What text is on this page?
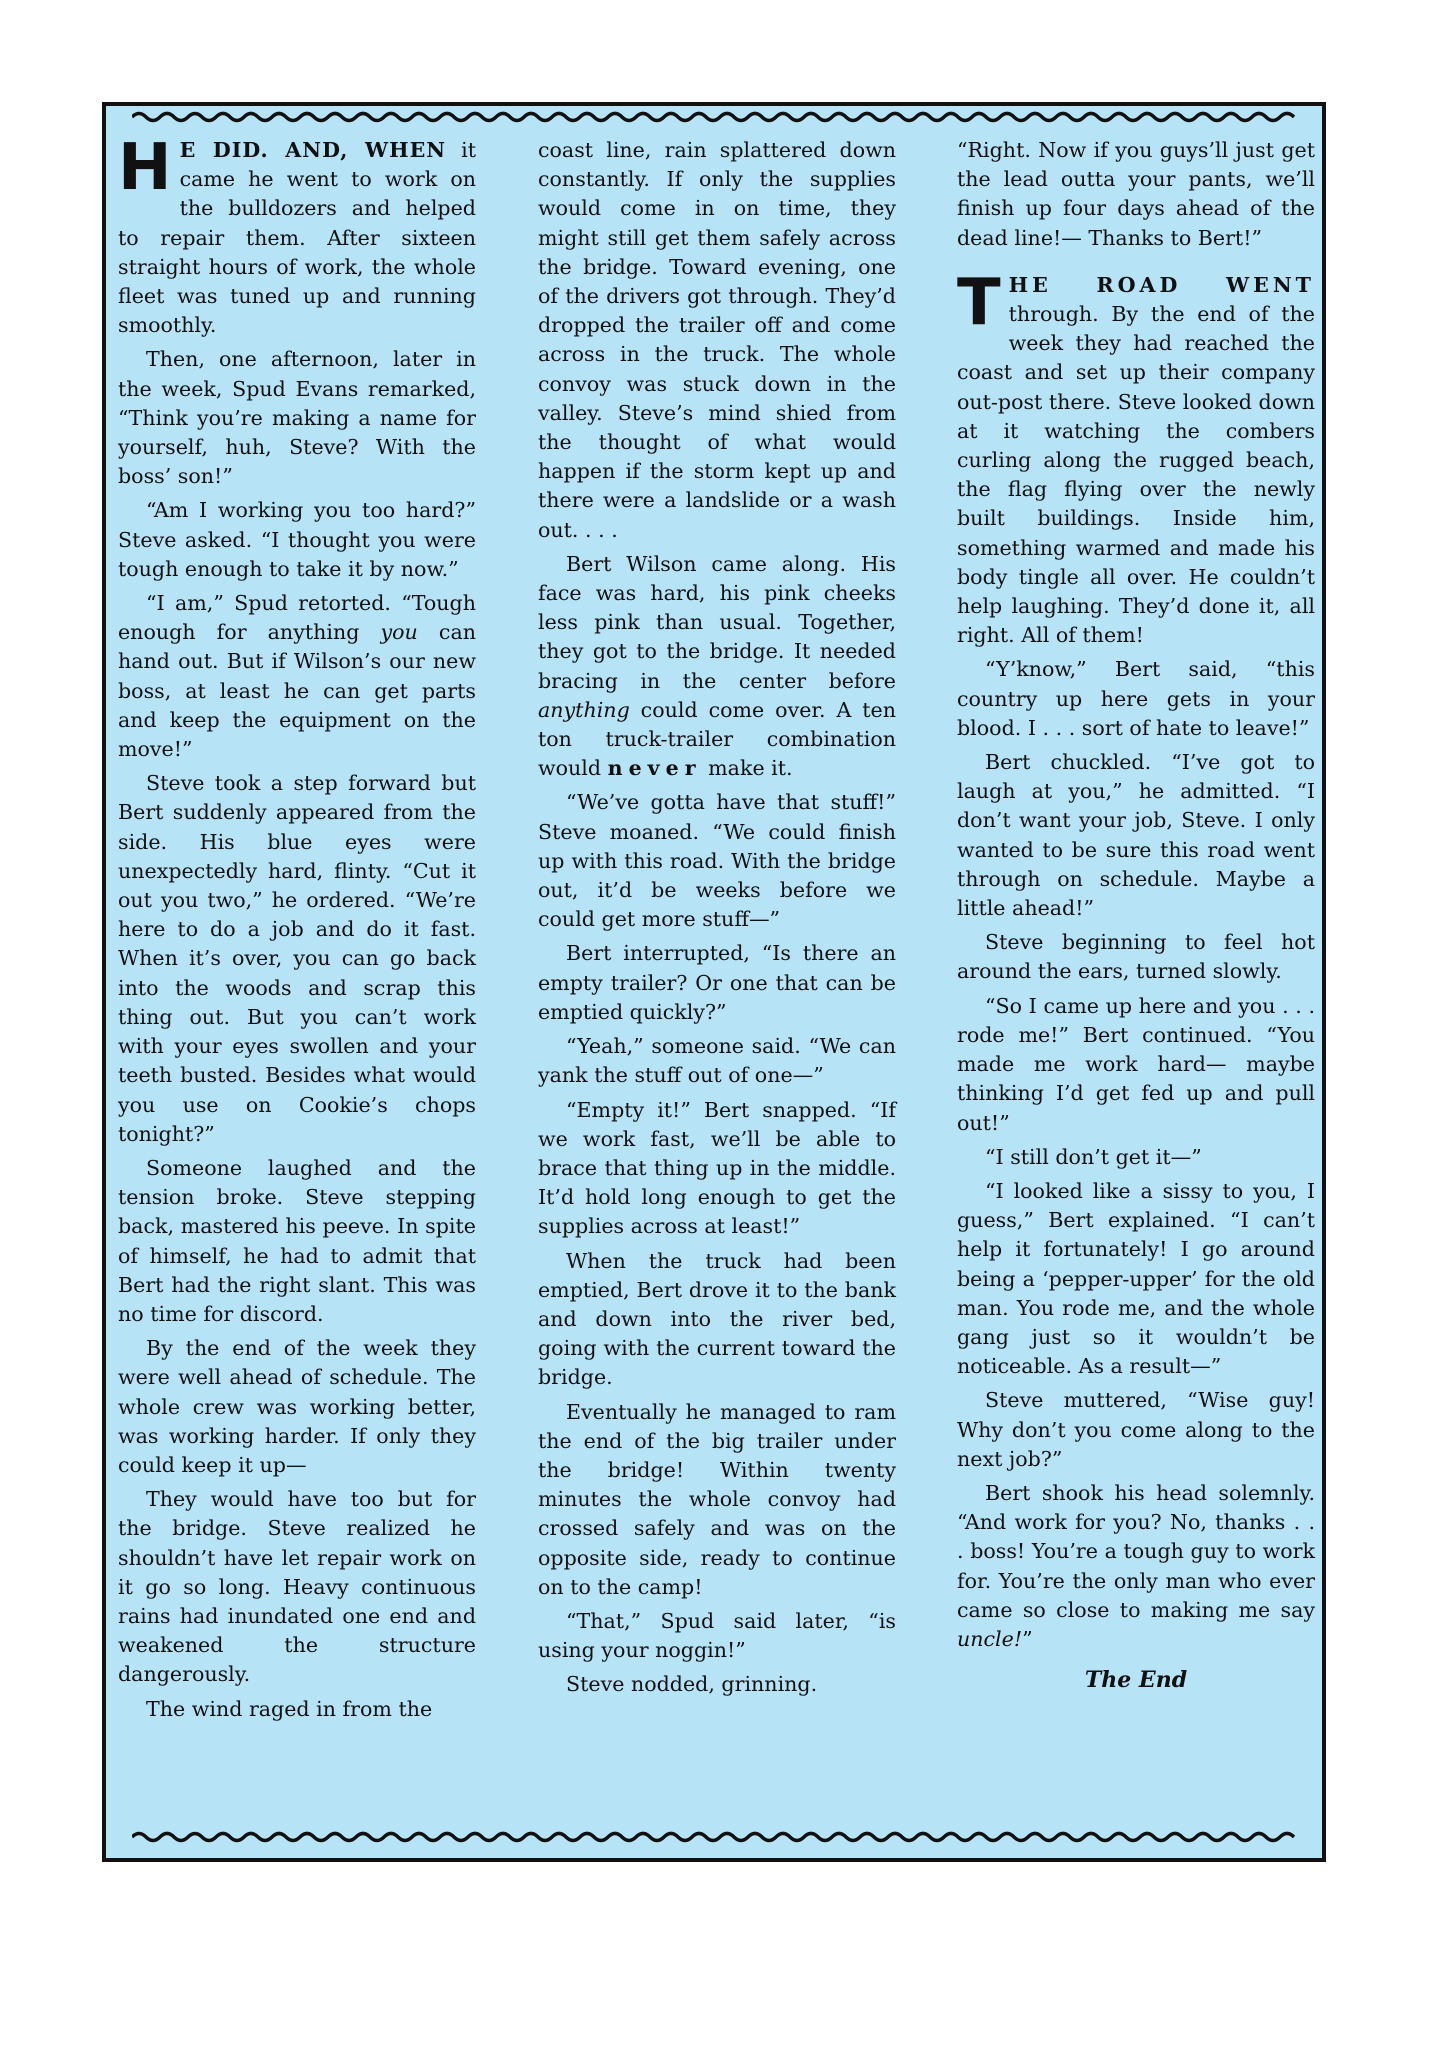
H E DID. AND, WHEN it came he went to work on the bulldozers and helped to repair them. After sixteen straight hours of work, the whole fleet was tuned up and running smoothly.

Then, one afternoon, later in the week, Spud Evans remarked, “Think you’re making a name for yourself, huh, Steve? With the boss’ son!”

“Am I working you too hard?” Steve asked. “I thought you were tough enough to take it by now.”

“I am,” Spud retorted. “Tough enough for anything you can hand out. But if Wilson’s our new boss, at least he can get parts and keep the equipment on the move!”

Steve took a step forward but Bert suddenly appeared from the side. His blue eyes were unexpectedly hard, flinty. “Cut it out you two,” he ordered. “We’re here to do a job and do it fast. When it’s over, you can go back into the woods and scrap this thing out. But you can’t work with your eyes swollen and your teeth busted. Besides what would you use on Cookie’s chops tonight?”

Someone laughed and the tension broke. Steve stepping back, mastered his peeve. In spite of himself, he had to admit that Bert had the right slant. This was no time for discord.

By the end of the week they were well ahead of schedule. The whole crew was working better, was working harder. If only they could keep it up—

They would have too but for the bridge. Steve realized he shouldn’t have let repair work on it go so long. Heavy continuous rains had inundated one end and weakened the structure dangerously.

The wind raged in from the

coast line, rain splattered down constantly. If only the supplies would come in on time, they might still get them safely across the bridge. Toward evening, one of the drivers got through. They’d dropped the trailer off and come across in the truck. The whole convoy was stuck down in the valley. Steve’s mind shied from the thought of what would happen if the storm kept up and there were a landslide or a wash out. . . .

Bert Wilson came along. His face was hard, his pink cheeks less pink than usual. Together, they got to the bridge. It needed bracing in the center before anything could come over. A ten ton truck-trailer combination would never make it.

“We’ve gotta have that stuff!” Steve moaned. “We could finish up with this road. With the bridge out, it’d be weeks before we could get more stuff—”

Bert interrupted, “Is there an empty trailer? Or one that can be emptied quickly?”

“Yeah,” someone said. “We can yank the stuff out of one—”

“Empty it!” Bert snapped. “If we work fast, we’ll be able to brace that thing up in the middle. It’d hold long enough to get the supplies across at least!”

When the truck had been emptied, Bert drove it to the bank and down into the river bed, going with the current toward the bridge.

Eventually he managed to ram the end of the big trailer under the bridge! Within twenty minutes the whole convoy had crossed safely and was on the opposite side, ready to continue on to the camp!

“That,” Spud said later, “is using your noggin!”

Steve nodded, grinning.

“Right. Now if you guys’ll just get the lead outta your pants, we’ll finish up four days ahead of the dead line!— Thanks to Bert!”

THE ROAD WENT through. By the end of the week they had reached the coast and set up their company out-post there. Steve looked down at it watching the combers curling along the rugged beach, the flag flying over the newly built buildings. Inside him, something warmed and made his body tingle all over. He couldn’t help laughing. They’d done it, all right. All of them!

“Y’know,” Bert said, “this country up here gets in your blood. I . . . sort of hate to leave!”

Bert chuckled. “I’ve got to laugh at you,” he admitted. “I don’t want your job, Steve. I only wanted to be sure this road went through on schedule. Maybe a little ahead!”

Steve beginning to feel hot around the ears, turned slowly.

“So I came up here and you . . . rode me!” Bert continued. “You made me work hard— maybe thinking I’d get fed up and pull out!”

“I still don’t get it—”

“I looked like a sissy to you, I guess,” Bert explained. “I can’t help it fortunately! I go around being a ‘pepper-upper’ for the old man. You rode me, and the whole gang just so it wouldn’t be noticeable. As a result—”

Steve muttered, “Wise guy! Why don’t you come along to the next job?”

Bert shook his head solemnly. “And work for you? No, thanks . . . boss! You’re a tough guy to work for. You’re the only man who ever came so close to making me say uncle!”

The End
